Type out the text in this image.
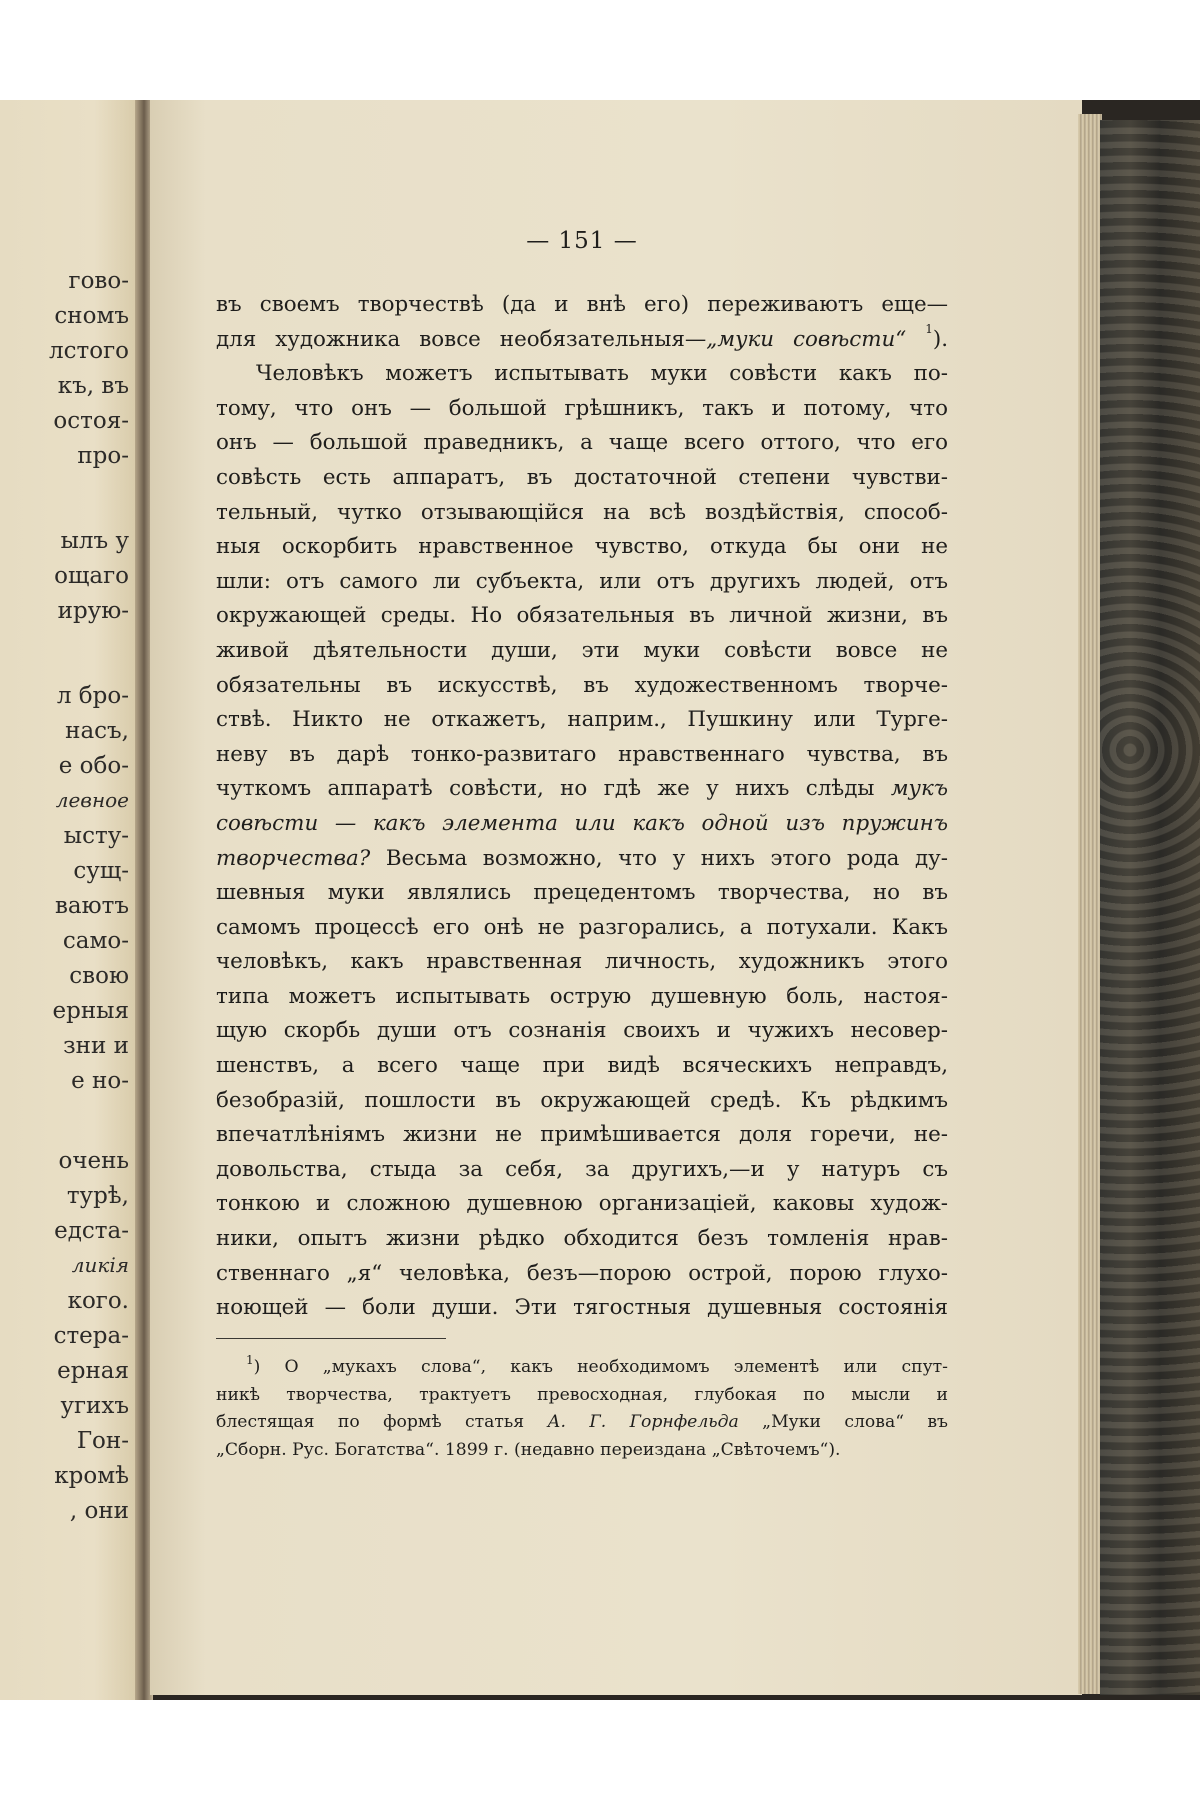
гово-
сномъ
лстого
къ, въ
остоя-
про-
ылъ у
ощаго
ирую-
л бро-
насъ,
е обо-
левное
ысту-
сущ-
ваютъ
само-
свою
ерныя
зни и
е но-
очень
турѣ,
едста-
ликія
кого.
стера-
ерная
угихъ
Гон-
кромѣ
, они
— 151 —
въ своемъ творчествѣ (да и внѣ его) переживаютъ еще—
для художника вовсе необязательныя—„муки совѣсти“ $^1$).
Человѣкъ можетъ испытывать муки совѣсти какъ по-
тому, что онъ — большой грѣшникъ, такъ и потому, что
онъ — большой праведникъ, а чаще всего оттого, что его
совѣсть есть аппаратъ, въ достаточной степени чувстви-
тельный, чутко отзывающійся на всѣ воздѣйствія, способ-
ныя оскорбить нравственное чувство, откуда бы они не
шли: отъ самого ли субъекта, или отъ другихъ людей, отъ
окружающей среды. Но обязательныя въ личной жизни, въ
живой дѣятельности души, эти муки совѣсти вовсе не
обязательны въ искусствѣ, въ художественномъ творче-
ствѣ. Никто не откажетъ, наприм., Пушкину или Турге-
неву въ дарѣ тонко-развитаго нравственнаго чувства, въ
чуткомъ аппаратѣ совѣсти, но гдѣ же у нихъ слѣды мукъ
совѣсти — какъ элемента или какъ одной изъ пружинъ
творчества? Весьма возможно, что у нихъ этого рода ду-
шевныя муки являлись прецедентомъ творчества, но въ
самомъ процессѣ его онѣ не разгорались, а потухали. Какъ
человѣкъ, какъ нравственная личность, художникъ этого
типа можетъ испытывать острую душевную боль, настоя-
щую скорбь души отъ сознанія своихъ и чужихъ несовер-
шенствъ, а всего чаще при видѣ всяческихъ неправдъ,
безобразій, пошлости въ окружающей средѣ. Къ рѣдкимъ
впечатлѣніямъ жизни не примѣшивается доля горечи, не-
довольства, стыда за себя, за другихъ,—и у натуръ съ
тонкою и сложною душевною организаціей, каковы худож-
ники, опытъ жизни рѣдко обходится безъ томленія нрав-
ственнаго „я“ человѣка, безъ—порою острой, порою глухо-
ноющей — боли души. Эти тягостныя душевныя состоянія
$^1$) О „мукахъ слова“, какъ необходимомъ элементѣ или спут-
никѣ творчества, трактуетъ превосходная, глубокая по мысли и
блестящая по формѣ статья А. Г. Горнфельда „Муки слова“ въ
„Сборн. Рус. Богатства“. 1899 г. (недавно переиздана „Свѣточемъ“).
